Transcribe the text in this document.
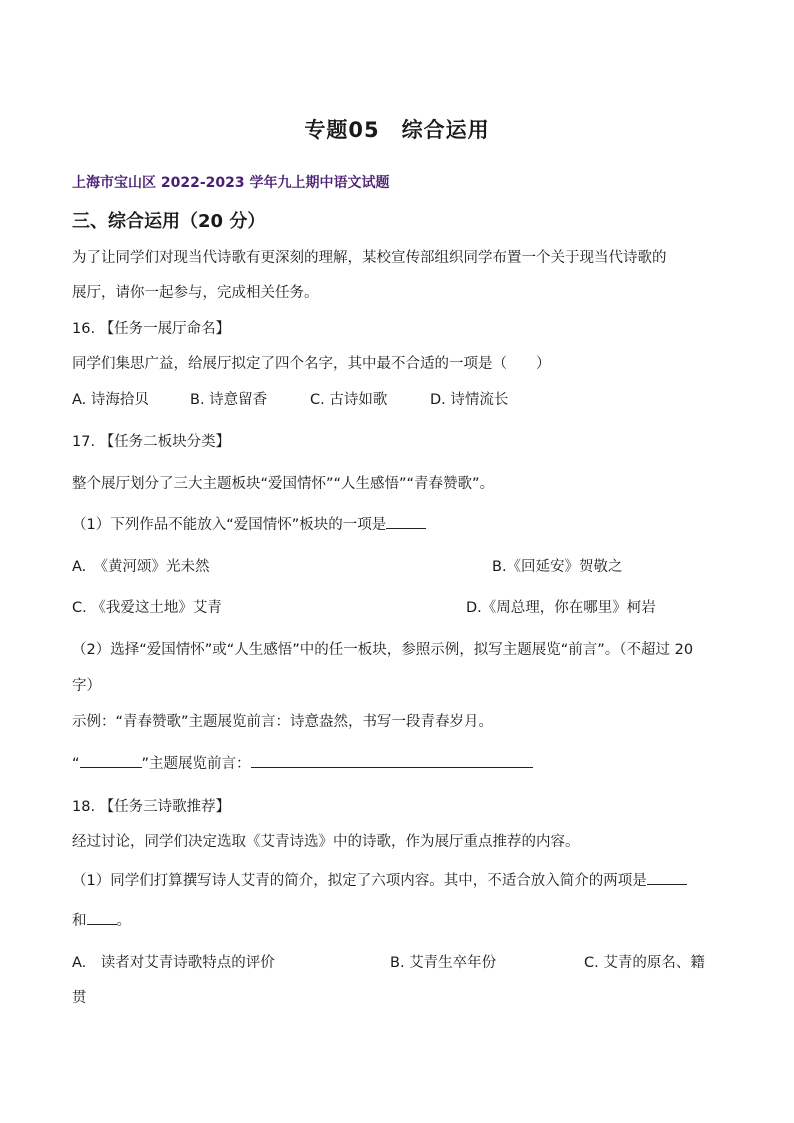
专题05　综合运用
上海市宝山区 2022-2023 学年九上期中语文试题
三、综合运用（20 分）
为了让同学们对现当代诗歌有更深刻的理解，某校宣传部组织同学布置一个关于现当代诗歌的
展厅，请你一起参与，完成相关任务。
16. 【任务一展厅命名】
同学们集思广益，给展厅拟定了四个名字，其中最不合适的一项是（　　）
A. 诗海拾贝	B. 诗意留香	C. 古诗如歌	D. 诗情流长
17. 【任务二板块分类】
整个展厅划分了三大主题板块“爱国情怀”“人生感悟”“青春赞歌”。
（1）下列作品不能放入“爱国情怀”板块的一项是
A.　《黄河颂》光未然	B.《回延安》贺敬之
C. 《我爱这土地》艾青	D.《周总理，你在哪里》柯岩
（2）选择“爱国情怀”或“人生感悟”中的任一板块，参照示例，拟写主题展览“前言”。（不超过 20
字）
示例：“青春赞歌”主题展览前言：诗意盎然，书写一段青春岁月。
“	”主题展览前言：
18. 【任务三诗歌推荐】
经过讨论，同学们决定选取《艾青诗选》中的诗歌，作为展厅重点推荐的内容。
（1）同学们打算撰写诗人艾青的简介，拟定了六项内容。其中，不适合放入简介的两项是
和 。
A.　读者对艾青诗歌特点的评价	B. 艾青生卒年份	C. 艾青的原名、籍
贯
